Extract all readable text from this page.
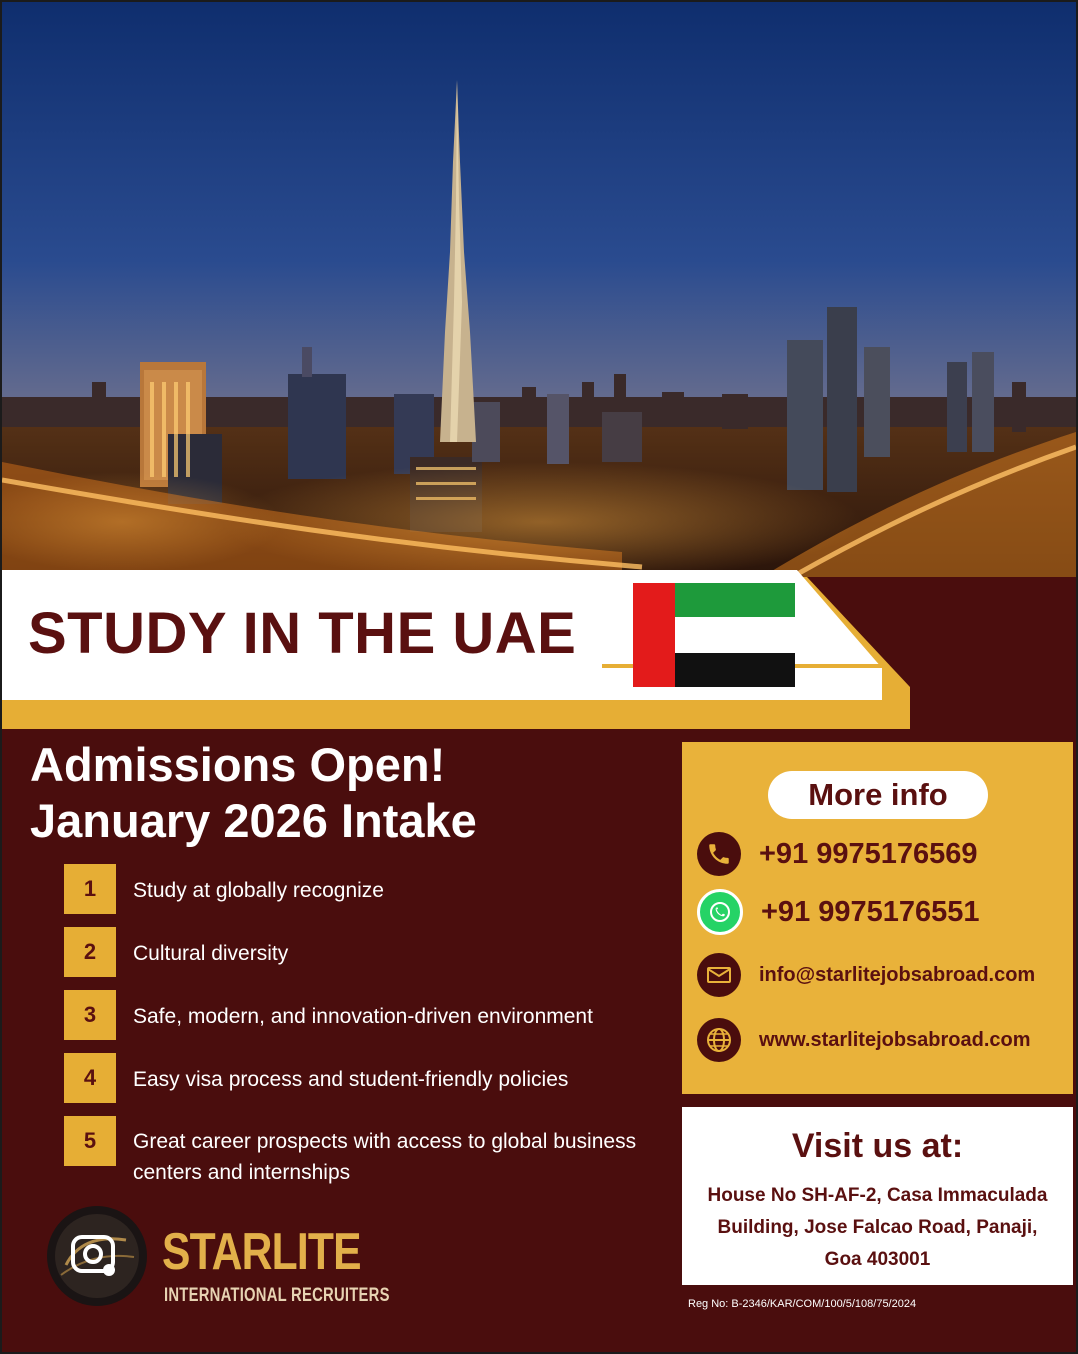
STUDY IN THE UAE
Admissions Open!
January 2026 Intake
1	Study at globally recognize
2	Cultural diversity
3	Safe, modern, and innovation-driven environment
4	Easy visa process and student-friendly policies
5	Great career prospects with access to global business centers and internships
More info
+91 9975176569
+91 9975176551
info@starlitejobsabroad.com
www.starlitejobsabroad.com
Visit us at:
House No SH-AF-2, Casa Immaculada
Building, Jose Falcao Road, Panaji,
Goa 403001
Reg No: B-2346/KAR/COM/100/5/108/75/2024
STARLITE
INTERNATIONAL RECRUITERS
